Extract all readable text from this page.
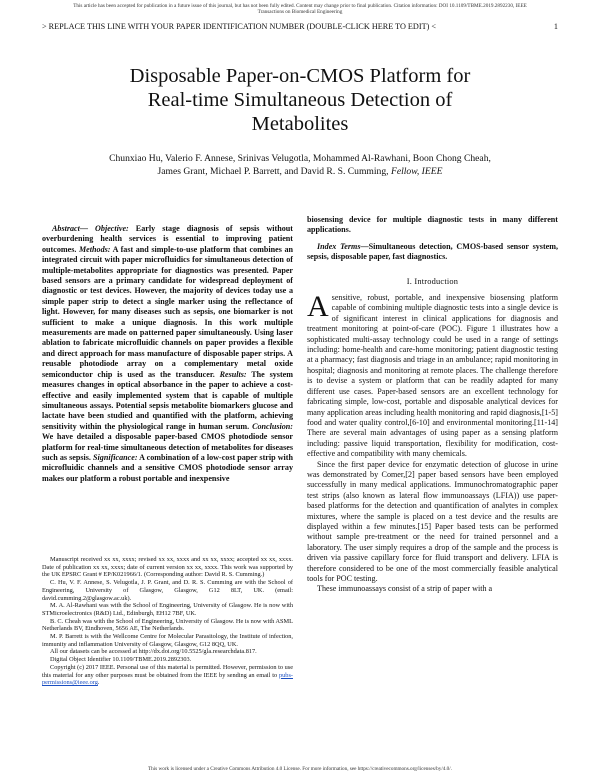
This article has been accepted for publication in a future issue of this journal, but has not been fully edited. Content may change prior to final publication. Citation information: DOI 10.1109/TBME.2019.2892230, IEEE
Transactions on Biomedical Engineering
> REPLACE THIS LINE WITH YOUR PAPER IDENTIFICATION NUMBER (DOUBLE-CLICK HERE TO EDIT) <	1
Disposable Paper-on-CMOS Platform for
Real-time Simultaneous Detection of
Metabolites
Chunxiao Hu, Valerio F. Annese, Srinivas Velugotla, Mohammed Al-Rawhani, Boon Chong Cheah,
James Grant, Michael P. Barrett, and David R. S. Cumming, Fellow, IEEE

Abstract— Objective: Early stage diagnosis of sepsis without overburdening health services is essential to improving patient outcomes. Methods: A fast and simple-to-use platform that combines an integrated circuit with paper microfluidics for simultaneous detection of multiple-metabolites appropriate for diagnostics was presented. Paper based sensors are a primary candidate for widespread deployment of diagnostic or test devices. However, the majority of devices today use a simple paper strip to detect a single marker using the reflectance of light. However, for many diseases such as sepsis, one biomarker is not sufficient to make a unique diagnosis. In this work multiple measurements are made on patterned paper simultaneously. Using laser ablation to fabricate microfluidic channels on paper provides a flexible and direct approach for mass manufacture of disposable paper strips. A reusable photodiode array on a complementary metal oxide semiconductor chip is used as the transducer. Results: The system measures changes in optical absorbance in the paper to achieve a cost-effective and easily implemented system that is capable of multiple simultaneous assays. Potential sepsis metabolite biomarkers glucose and lactate have been studied and quantified with the platform, achieving sensitivity within the physiological range in human serum. Conclusion: We have detailed a disposable paper-based CMOS photodiode sensor platform for real-time simultaneous detection of metabolites for diseases such as sepsis. Significance: A combination of a low-cost paper strip with microfluidic channels and a sensitive CMOS photodiode sensor array makes our platform a robust portable and inexpensive

Manuscript received xx xx, xxxx; revised xx xx, xxxx and xx xx, xxxx; accepted xx xx, xxxx. Date of publication xx xx, xxxx; date of current version xx xx, xxxx. This work was supported by the UK EPSRC Grant # EP/K021966/1. (Corresponding author: David R. S. Cumming.)

C. Hu, V. F. Annese, S. Velugotla, J. P. Grant, and D. R. S. Cumming are with the School of Engineering, University of Glasgow, Glasgow, G12 8LT, UK. (email: david.cumming.2@glasgow.ac.uk).

M. A. Al-Rawhani was with the School of Engineering, University of Glasgow. He is now with STMicroelectronics (R&D) Ltd., Edinburgh, EH12 7BF, UK.

B. C. Cheah was with the School of Engineering, University of Glasgow. He is now with ASML Netherlands BV, Eindhoven, 5656 AE, The Netherlands.

M. P. Barrett is with the Wellcome Centre for Molecular Parasitology, the Institute of infection, immunity and inflammation University of Glasgow, Glasgow, G12 8QQ, UK.

All our datasets can be accessed at http://dx.doi.org/10.5525/gla.researchdata.817.

Digital Object Identifier 10.1109/TBME.2019.2892303.

Copyright (c) 2017 IEEE. Personal use of this material is permitted. However, permission to use this material for any other purposes must be obtained from the IEEE by sending an email to pubs-permissions@ieee.org.

biosensing device for multiple diagnostic tests in many different applications.

Index Terms—Simultaneous detection, CMOS-based sensor system, sepsis, disposable paper, fast diagnostics.

I. Introduction

Asensitive, robust, portable, and inexpensive biosensing platform capable of combining multiple diagnostic tests into a single device is of significant interest in clinical applications for diagnosis and treatment monitoring at point-of-care (POC). Figure 1 illustrates how a sophisticated multi-assay technology could be used in a range of settings including: home-health and care-home monitoring; patient diagnostic testing at a pharmacy; fast diagnosis and triage in an ambulance; rapid monitoring in hospital; diagnosis and monitoring at remote places. The challenge therefore is to devise a system or platform that can be readily adapted for many different use cases. Paper-based sensors are an excellent technology for fabricating simple, low-cost, portable and disposable analytical devices for many application areas including health monitoring and rapid diagnosis,[1-5] food and water quality control,[6-10] and environmental monitoring.[11-14] There are several main advantages of using paper as a sensing platform including: passive liquid transportation, flexibility for modification, cost-effective and compatibility with many chemicals.

Since the first paper device for enzymatic detection of glucose in urine was demonstrated by Comer,[2] paper based sensors have been employed successfully in many medical applications. Immunochromatographic paper test strips (also known as lateral flow immunoassays (LFIA)) use paper-based platforms for the detection and quantification of analytes in complex mixtures, where the sample is placed on a test device and the results are displayed within a few minutes.[15] Paper based tests can be performed without sample pre-treatment or the need for trained personnel and a laboratory. The user simply requires a drop of the sample and the process is driven via passive capillary force for fluid transport and delivery. LFIA is therefore considered to be one of the most commercially feasible analytical tools for POC testing.

These immunoassays consist of a strip of paper with a

This work is licensed under a Creative Commons Attribution 4.0 License. For more information, see https://creativecommons.org/licenses/by/4.0/.
